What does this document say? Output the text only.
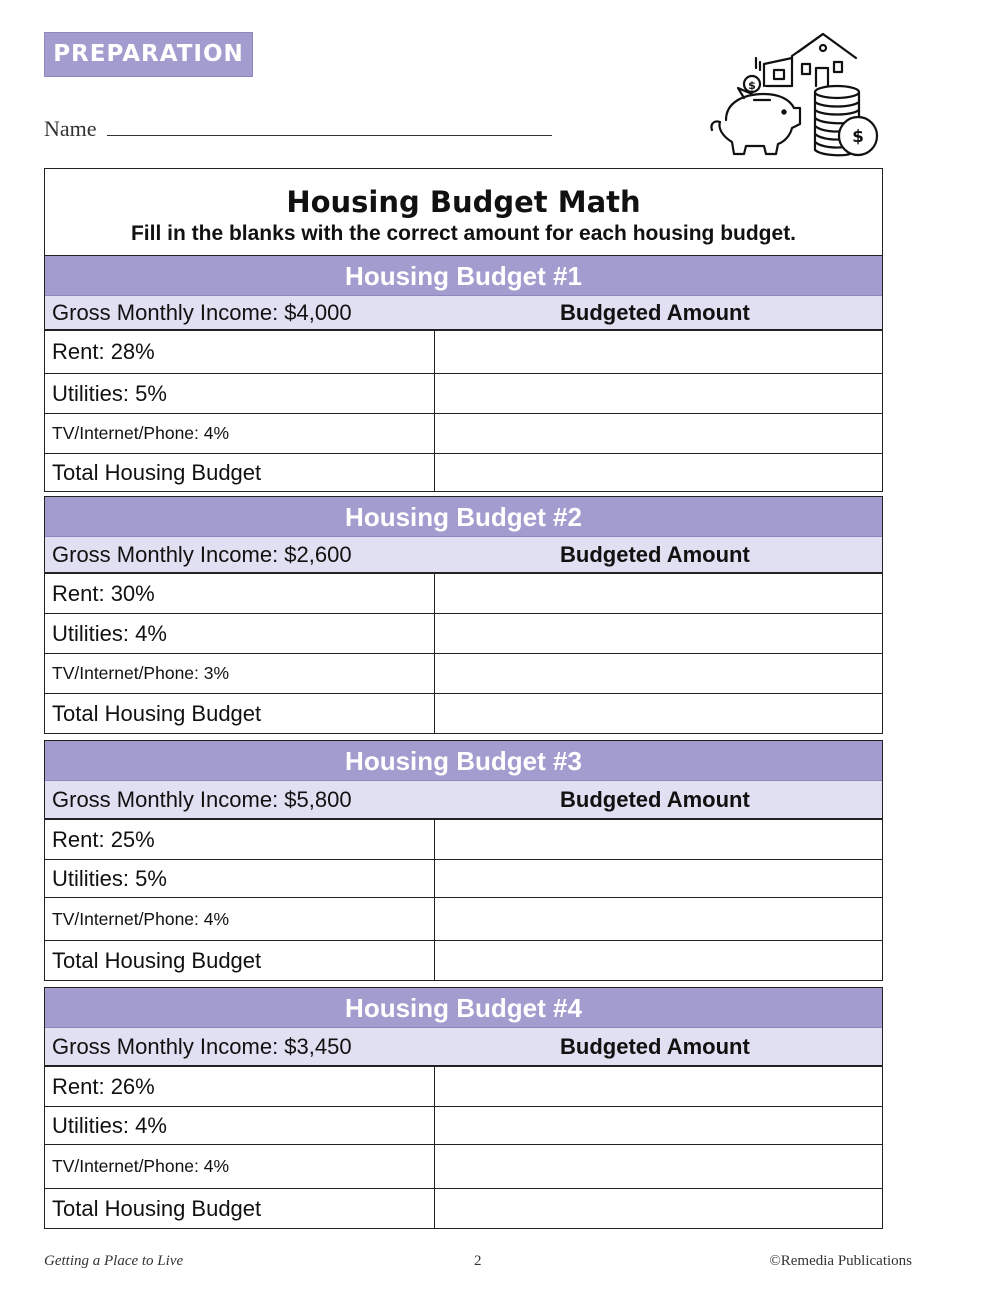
PREPARATION
Name
$
$
Housing Budget Math
Fill in the blanks with the correct amount for each housing budget.
Housing Budget #1
Gross Monthly Income: $4,000	Budgeted Amount
Rent: 28%
Utilities: 5%
TV/Internet/Phone: 4%
Total Housing Budget
Housing Budget #2
Gross Monthly Income: $2,600	Budgeted Amount
Rent: 30%
Utilities: 4%
TV/Internet/Phone: 3%
Total Housing Budget
Housing Budget #3
Gross Monthly Income: $5,800	Budgeted Amount
Rent: 25%
Utilities: 5%
TV/Internet/Phone: 4%
Total Housing Budget
Housing Budget #4
Gross Monthly Income: $3,450	Budgeted Amount
Rent: 26%
Utilities: 4%
TV/Internet/Phone: 4%
Total Housing Budget
Getting a Place to Live	2	©Remedia Publications
